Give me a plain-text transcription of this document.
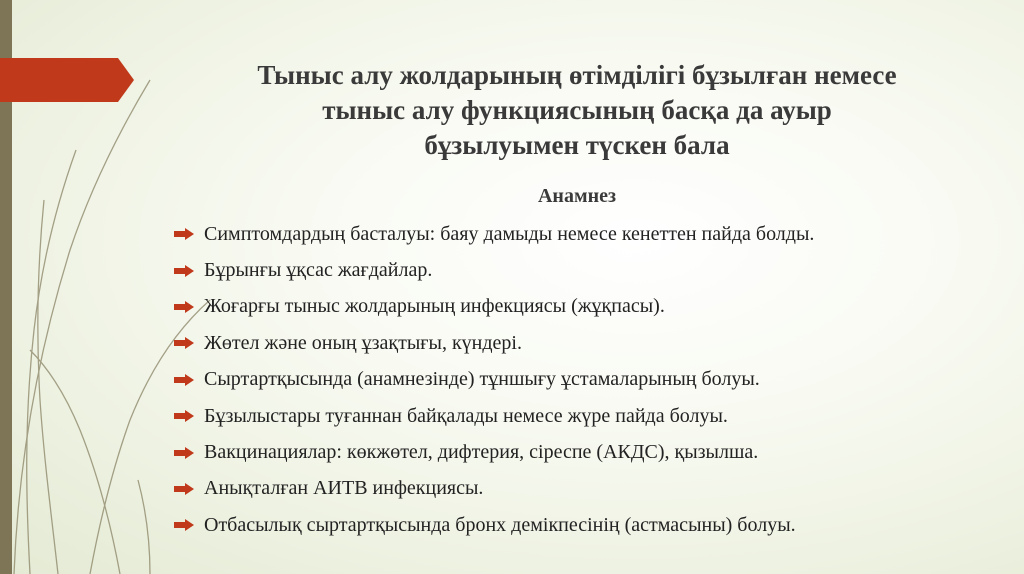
Тыныс алу жолдарының өтімділігі бұзылған немесе
тыныс алу функциясының басқа да ауыр
бұзылуымен түскен бала
Анамнез
Симптомдардың басталуы: баяу дамыды немесе кенеттен пайда болды.
Бұрынғы ұқсас жағдайлар.
Жоғарғы тыныс жолдарының инфекциясы (жұқпасы).
Жөтел және оның ұзақтығы, күндері.
Сыртартқысында (анамнезінде) тұншығу ұстамаларының болуы.
Бұзылыстары туғаннан байқалады немесе жүре пайда болуы.
Вакцинациялар: көкжөтел, дифтерия, сіреспе (АКДС), қызылша.
Анықталған АИТВ инфекциясы.
Отбасылық сыртартқысында бронх демікпесінің (астмасыны) болуы.
